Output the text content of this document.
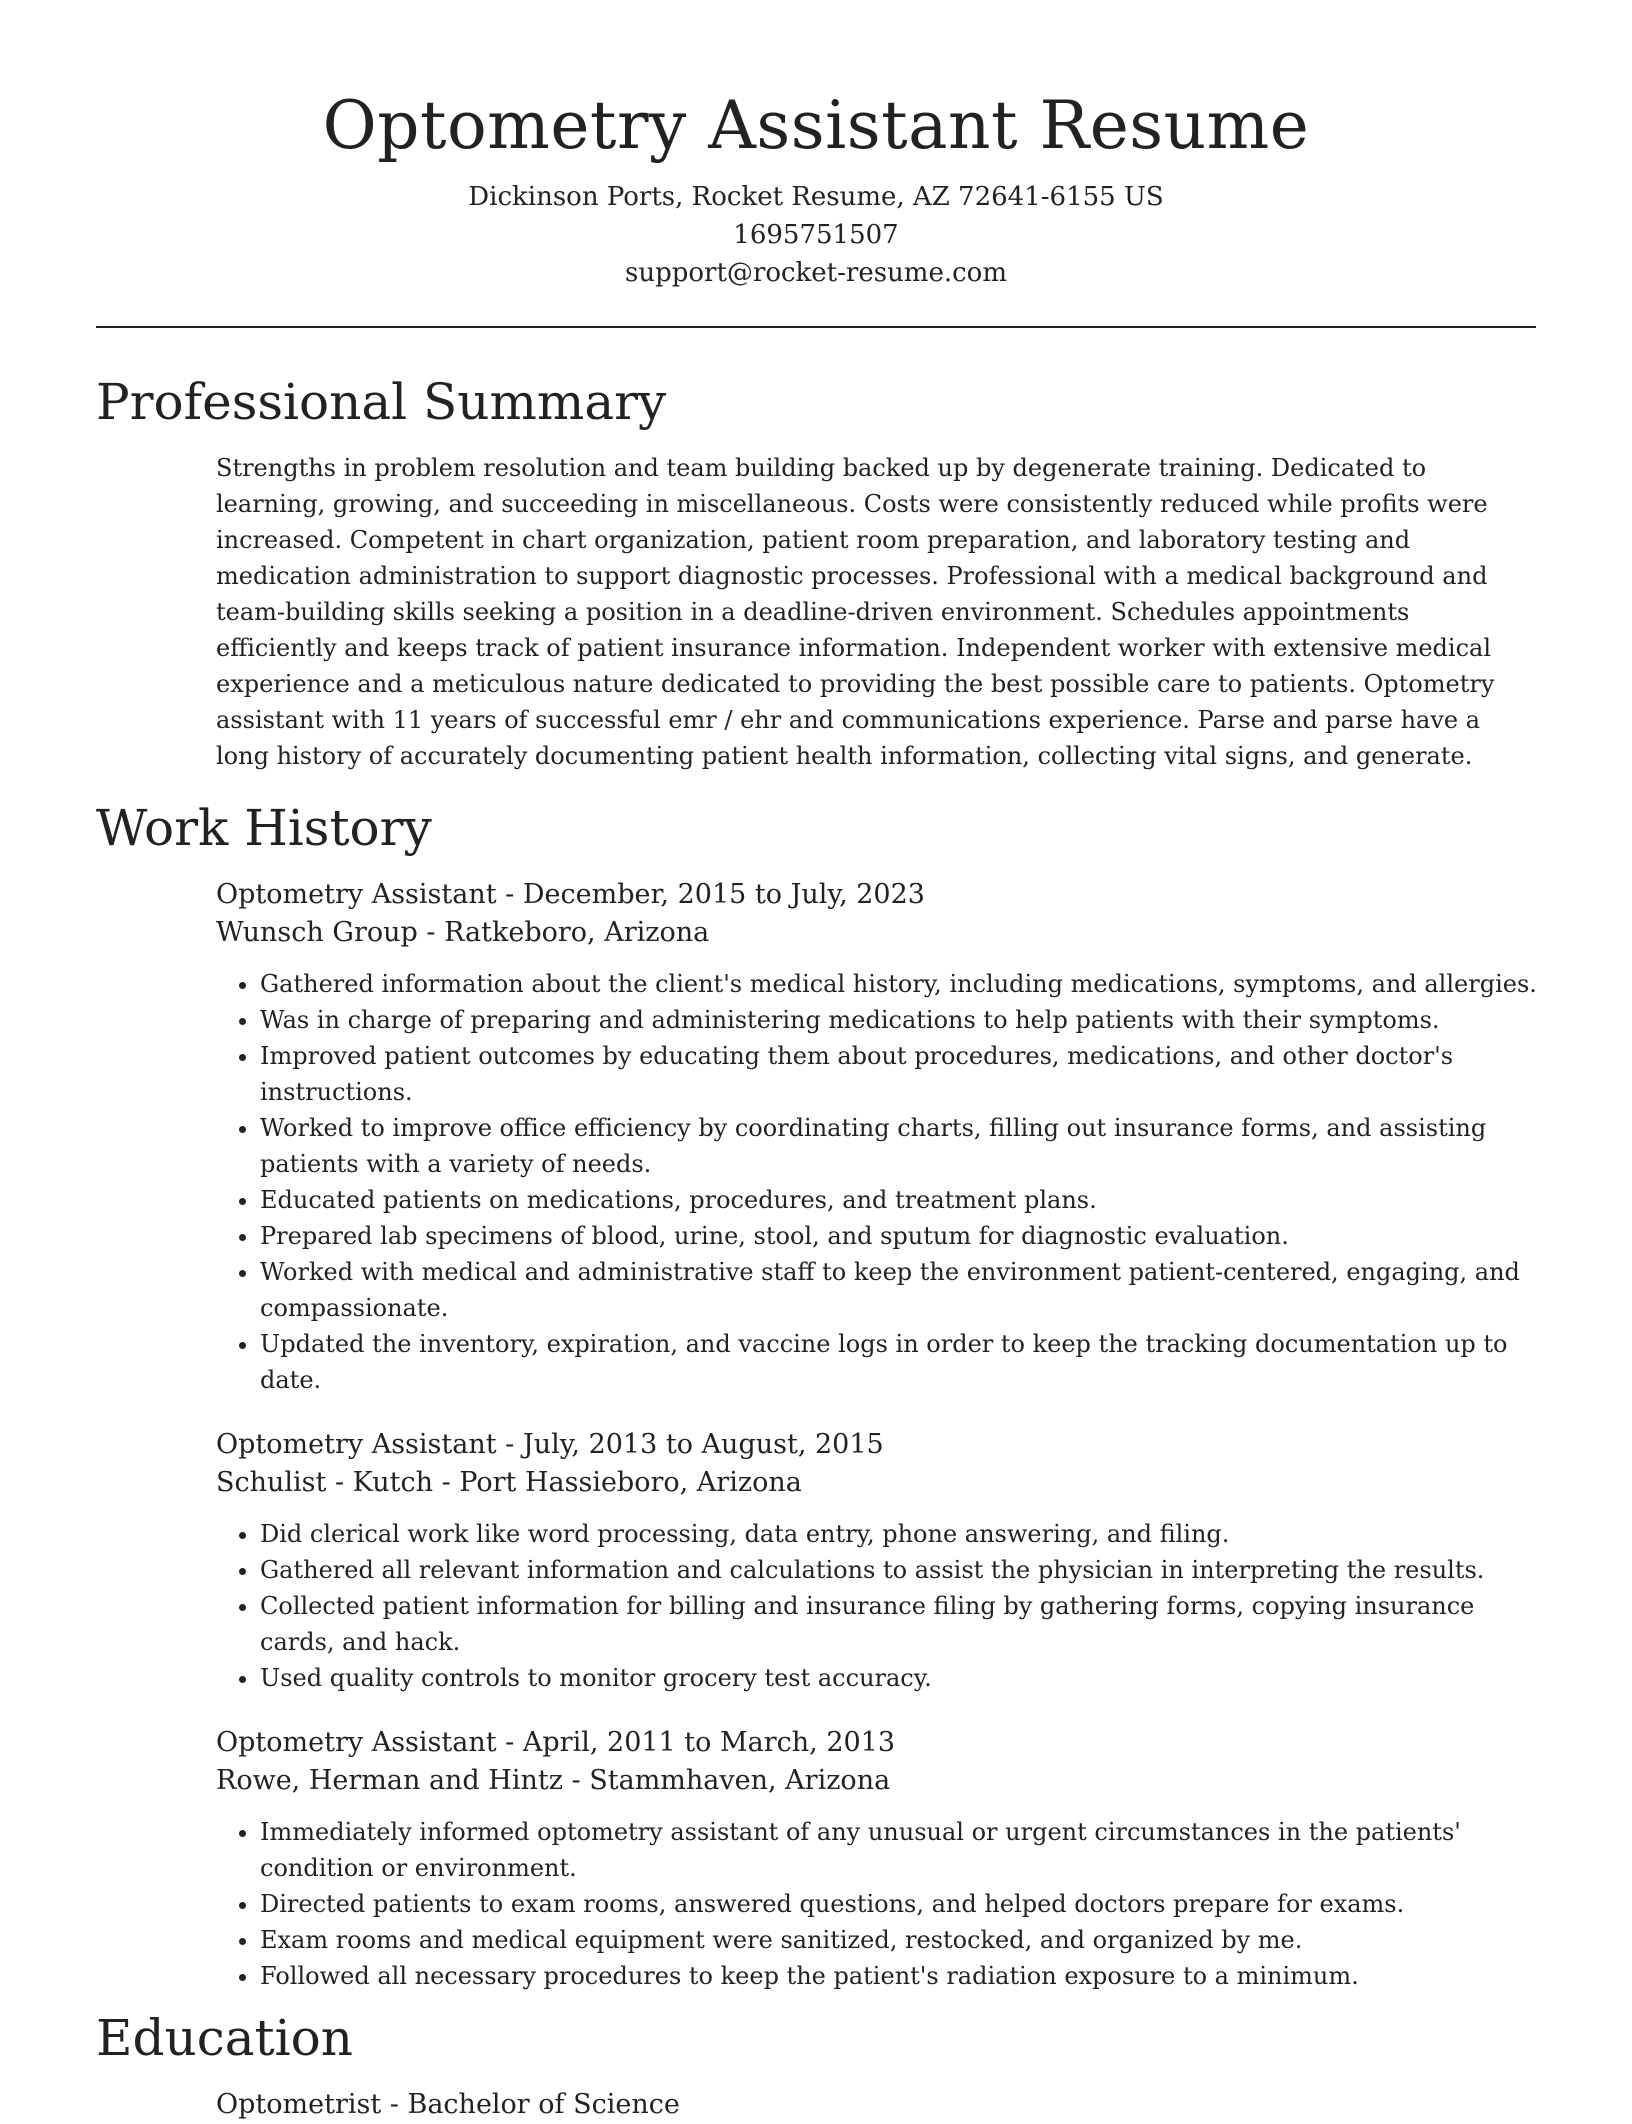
Optometry Assistant Resume

Dickinson Ports, Rocket Resume, AZ 72641-6155 US

1695751507

support@rocket-resume.com

Professional Summary

Strengths in problem resolution and team building backed up by degenerate training. Dedicated to learning, growing, and succeeding in miscellaneous. Costs were consistently reduced while profits were increased. Competent in chart organization, patient room preparation, and laboratory testing and medication administration to support diagnostic processes. Professional with a medical background and team-building skills seeking a position in a deadline-driven environment. Schedules appointments efficiently and keeps track of patient insurance information. Independent worker with extensive medical experience and a meticulous nature dedicated to providing the best possible care to patients. Optometry assistant with 11 years of successful emr / ehr and communications experience. Parse and parse have a long history of accurately documenting patient health information, collecting vital signs, and generate.

Work History

Optometry Assistant - December, 2015 to July, 2023

Wunsch Group - Ratkeboro, Arizona

• Gathered information about the client's medical history, including medications, symptoms, and allergies.
• Was in charge of preparing and administering medications to help patients with their symptoms.
• Improved patient outcomes by educating them about procedures, medications, and other doctor's instructions.
• Worked to improve office efficiency by coordinating charts, filling out insurance forms, and assisting patients with a variety of needs.
• Educated patients on medications, procedures, and treatment plans.
• Prepared lab specimens of blood, urine, stool, and sputum for diagnostic evaluation.
• Worked with medical and administrative staff to keep the environment patient-centered, engaging, and compassionate.
• Updated the inventory, expiration, and vaccine logs in order to keep the tracking documentation up to date.

Optometry Assistant - July, 2013 to August, 2015

Schulist - Kutch - Port Hassieboro, Arizona

• Did clerical work like word processing, data entry, phone answering, and filing.
• Gathered all relevant information and calculations to assist the physician in interpreting the results.
• Collected patient information for billing and insurance filing by gathering forms, copying insurance cards, and hack.
• Used quality controls to monitor grocery test accuracy.

Optometry Assistant - April, 2011 to March, 2013

Rowe, Herman and Hintz - Stammhaven, Arizona

• Immediately informed optometry assistant of any unusual or urgent circumstances in the patients' condition or environment.
• Directed patients to exam rooms, answered questions, and helped doctors prepare for exams.
• Exam rooms and medical equipment were sanitized, restocked, and organized by me.
• Followed all necessary procedures to keep the patient's radiation exposure to a minimum.
Education

Optometrist - Bachelor of Science
